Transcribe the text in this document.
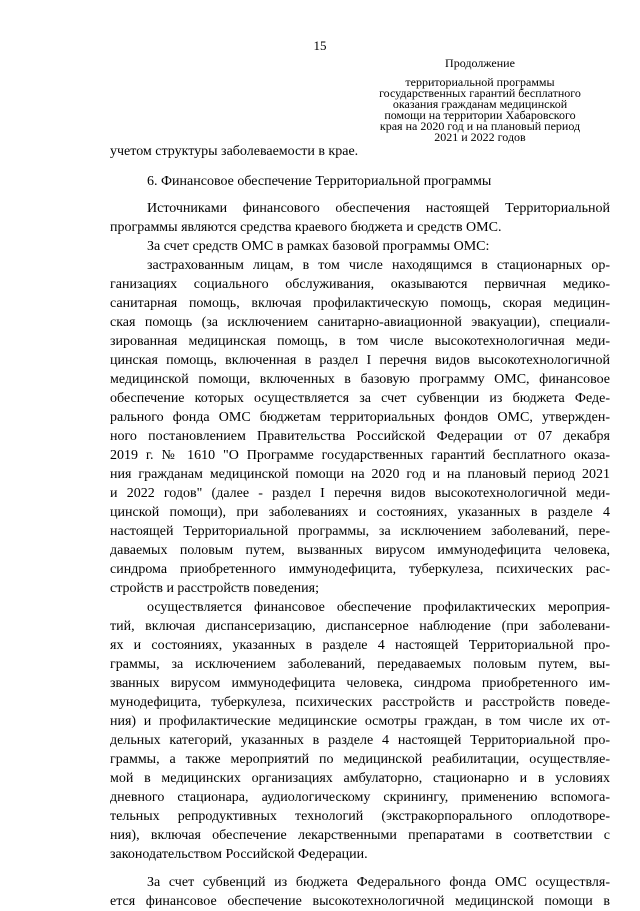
15
Продолжение
территориальной программы
государственных гарантий бесплатного
оказания гражданам медицинской
помощи на территории Хабаровского
края на 2020 год и на плановый период
2021 и 2022 годов

учетом структуры заболеваемости в крае.

6. Финансовое обеспечение Территориальной программы

Источниками финансового обеспечения настоящей Территориальной
программы являются средства краевого бюджета и средств ОМС.

За счет средств ОМС в рамках базовой программы ОМС:

застрахованным лицам, в том числе находящимся в стационарных ор-
ганизациях социального обслуживания, оказываются первичная медико-
санитарная помощь, включая профилактическую помощь, скорая медицин-
ская помощь (за исключением санитарно-авиационной эвакуации), специали-
зированная медицинская помощь, в том числе высокотехнологичная меди-
цинская помощь, включенная в раздел I перечня видов высокотехнологичной
медицинской помощи, включенных в базовую программу ОМС, финансовое
обеспечение которых осуществляется за счет субвенции из бюджета Феде-
рального фонда ОМС бюджетам территориальных фондов ОМС, утвержден-
ного постановлением Правительства Российской Федерации от 07 декабря
2019 г. № 1610 "О Программе государственных гарантий бесплатного оказа-
ния гражданам медицинской помощи на 2020 год и на плановый период 2021
и 2022 годов" (далее - раздел I перечня видов высокотехнологичной меди-
цинской помощи), при заболеваниях и состояниях, указанных в разделе 4
настоящей Территориальной программы, за исключением заболеваний, пере-
даваемых половым путем, вызванных вирусом иммунодефицита человека,
синдрома приобретенного иммунодефицита, туберкулеза, психических рас-
стройств и расстройств поведения;

осуществляется финансовое обеспечение профилактических мероприя-
тий, включая диспансеризацию, диспансерное наблюдение (при заболевани-
ях и состояниях, указанных в разделе 4 настоящей Территориальной про-
граммы, за исключением заболеваний, передаваемых половым путем, вы-
званных вирусом иммунодефицита человека, синдрома приобретенного им-
мунодефицита, туберкулеза, психических расстройств и расстройств поведе-
ния) и профилактические медицинские осмотры граждан, в том числе их от-
дельных категорий, указанных в разделе 4 настоящей Территориальной про-
граммы, а также мероприятий по медицинской реабилитации, осуществляе-
мой в медицинских организациях амбулаторно, стационарно и в условиях
дневного стационара, аудиологическому скринингу, применению вспомога-
тельных репродуктивных технологий (экстракорпорального оплодотворе-
ния), включая обеспечение лекарственными препаратами в соответствии с
законодательством Российской Федерации.

За счет субвенций из бюджета Федерального фонда ОМС осуществля-
ется финансовое обеспечение высокотехнологичной медицинской помощи в
